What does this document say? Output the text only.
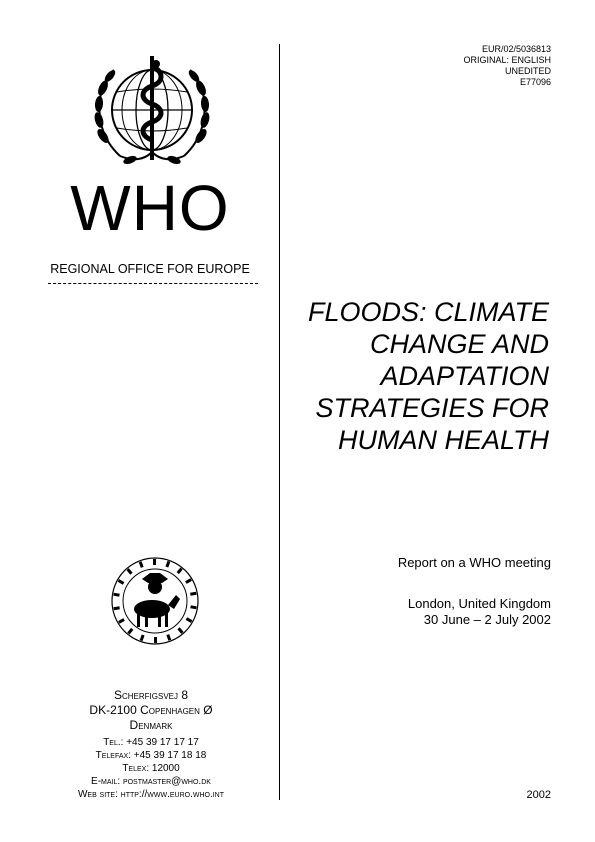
EUR/02/5036813
ORIGINAL: ENGLISH
UNEDITED
E77096
WHO
REGIONAL OFFICE FOR EUROPE
FLOODS: CLIMATE
CHANGE AND
ADAPTATION
STRATEGIES FOR
HUMAN HEALTH
Scherfigsvej 8
DK-2100 Copenhagen Ø
Denmark
Tel.: +45 39 17 17 17
Telefax: +45 39 17 18 18
Telex: 12000
E-mail: postmaster@who.dk
Web site: http://www.euro.who.int
Report on a WHO meeting
London, United Kingdom
30 June – 2 July 2002
2002
